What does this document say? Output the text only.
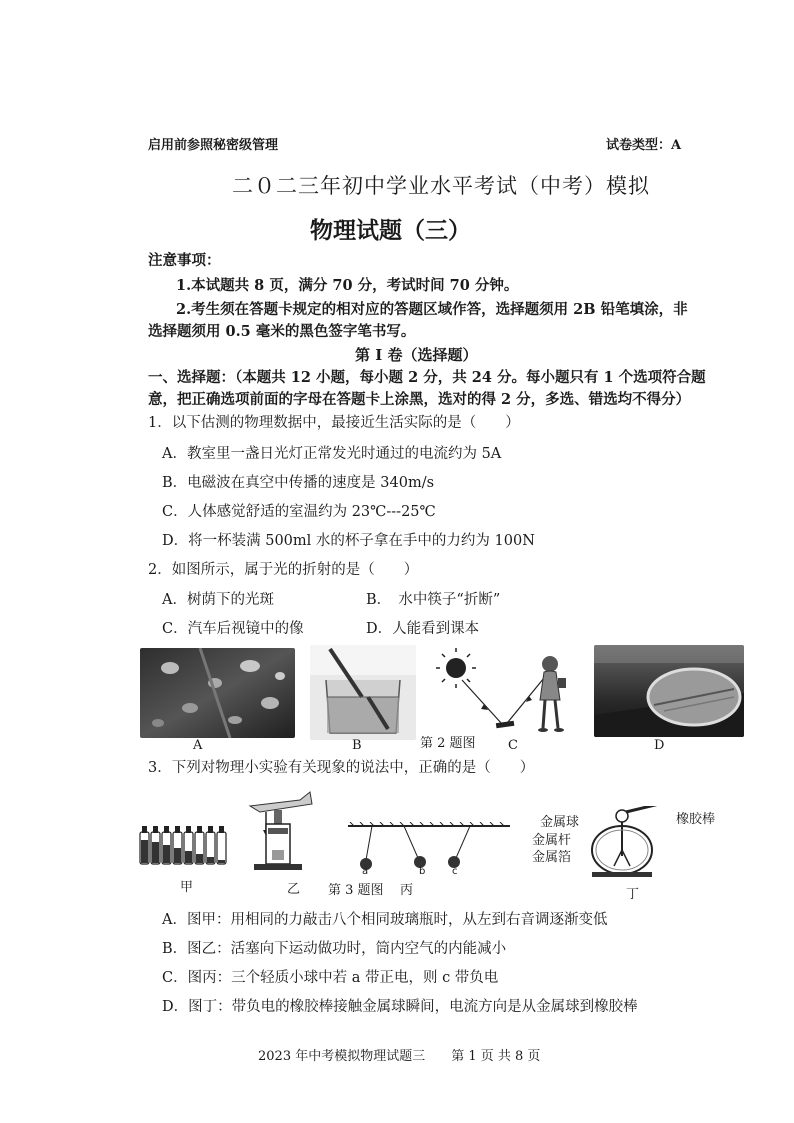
启用前参照秘密级管理	试卷类型：A
二０二三年初中学业水平考试（中考）模拟
物理试题（三）
注意事项：
1.本试题共 8 页，满分 70 分，考试时间 70 分钟。
2.考生须在答题卡规定的相对应的答题区域作答，选择题须用 2B 铅笔填涂，非
选择题须用 0.5 毫米的黑色签字笔书写。
第 I 卷（选择题）
一、选择题：（本题共 12 小题，每小题 2 分，共 24 分。每小题只有 1 个选项符合题
意，把正确选项前面的字母在答题卡上涂黑，选对的得 2 分，多选、错选均不得分）
1．以下估测的物理数据中，最接近生活实际的是（　　）
A．教室里一盏日光灯正常发光时通过的电流约为 5A
B．电磁波在真空中传播的速度是 340m/s
C．人体感觉舒适的室温约为 23℃---25℃
D．将一杯装满 500ml 水的杯子拿在手中的力约为 100N
2．如图所示，属于光的折射的是（　　）
A．树荫下的光斑	B．　水中筷子“折断”
C．汽车后视镜中的像	D．人能看到课本
A	B	第 2 题图 C	D
3．下列对物理小实验有关现象的说法中，正确的是（　　）
甲	乙
a	b	c
第 3 题图 丙
金属球	橡胶棒
金属杆
金属箔
丁
A．图甲：用相同的力敲击八个相同玻璃瓶时，从左到右音调逐渐变低
B．图乙：活塞向下运动做功时，筒内空气的内能减小
C．图丙：三个轻质小球中若 a 带正电，则 c 带负电
D．图丁：带负电的橡胶棒接触金属球瞬间，电流方向是从金属球到橡胶棒
2023 年中考模拟物理试题三　　第 1 页 共 8 页
